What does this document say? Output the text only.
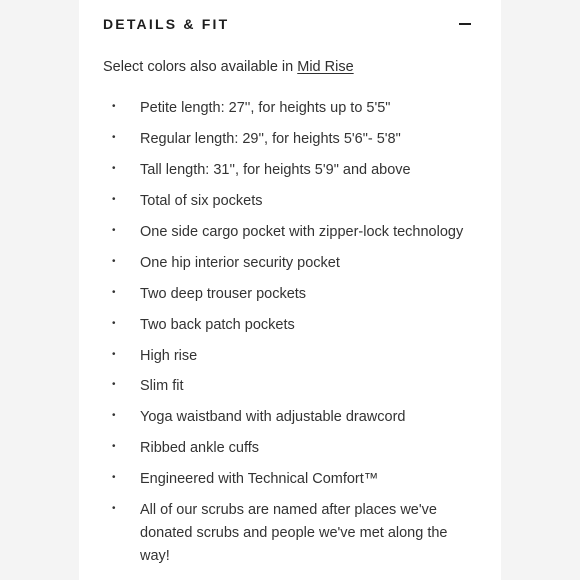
DETAILS & FIT
Select colors also available in Mid Rise
• Petite length: 27'', for heights up to 5'5"
• Regular length: 29'', for heights 5'6"- 5'8"
• Tall length: 31'', for heights 5'9" and above
• Total of six pockets
• One side cargo pocket with zipper-lock technology
• One hip interior security pocket
• Two deep trouser pockets
• Two back patch pockets
• High rise
• Slim fit
• Yoga waistband with adjustable drawcord
• Ribbed ankle cuffs
• Engineered with Technical Comfort™
• All of our scrubs are named after places we've donated scrubs and people we've met along the way!
